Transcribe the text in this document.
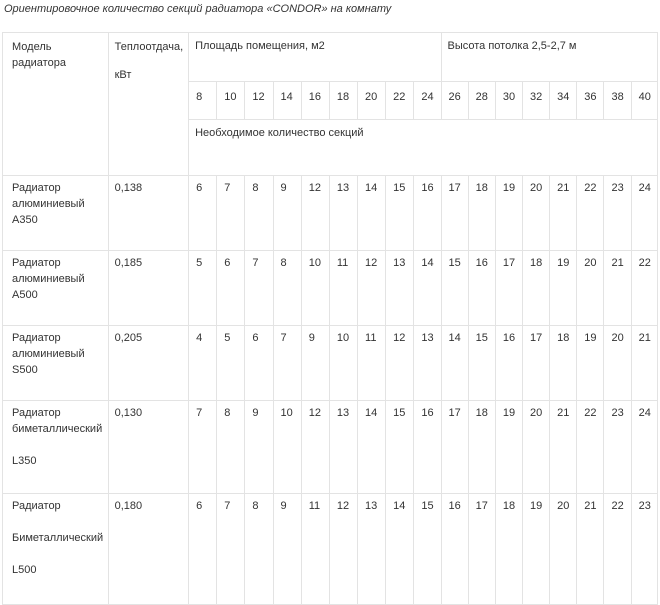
Ориентировочное количество секций радиатора «CONDOR» на комнату
Модель
радиатора	Теплоотдача,
кВт	Площадь помещения, м2									Высота потолка 2,5-2,7 м							
		8	10	12	14	16	18	20	22	24	26	28	30	32	34	36	38	40
		Необходимое количество секций																

Радиатор
алюминиевый
А350	0,138	6	7	8	9	12	13	14	15	16	17	18	19	20	21	22	23	24

Радиатор
алюминиевый
А500	0,185	5	6	7	8	10	11	12	13	14	15	16	17	18	19	20	21	22

Радиатор
алюминиевый
S500	0,205	4	5	6	7	9	10	11	12	13	14	15	16	17	18	19	20	21

Радиатор
биметаллический

L350	0,130	7	8	9	10	12	13	14	15	16	17	18	19	20	21	22	23	24

Радиатор

Биметаллический

L500	0,180	6	7	8	9	11	12	13	14	15	16	17	18	19	20	21	22	23
